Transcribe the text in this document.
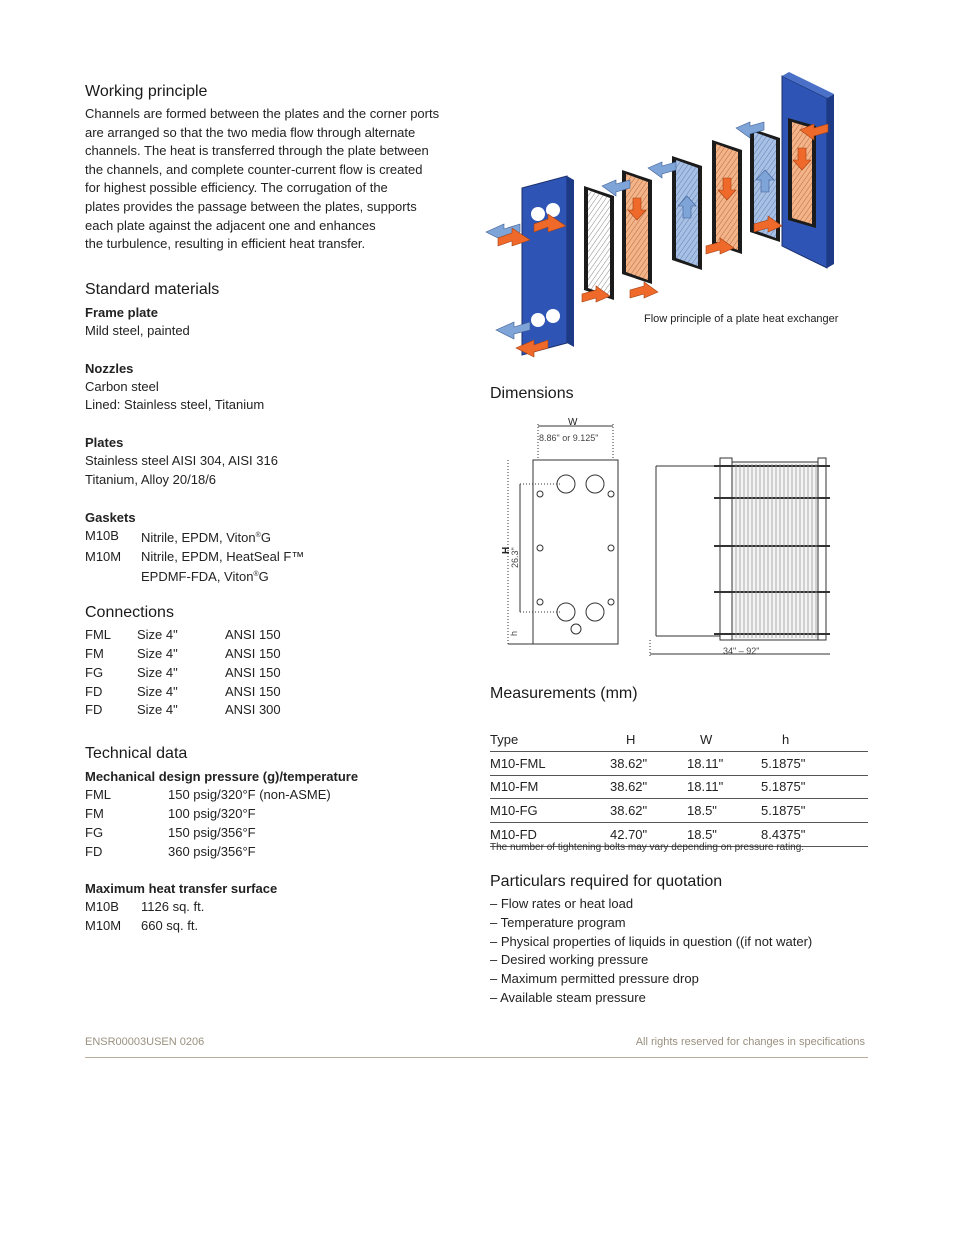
Working principle

Channels are formed between the plates and the corner ports

are arranged so that the two media flow through alternate

channels. The heat is transferred through the plate between

the channels, and complete counter-current flow is created

for highest possible efficiency. The corrugation of the

plates provides the passage between the plates, supports

each plate against the adjacent one and enhances

the turbulence, resulting in efficient heat transfer.

Standard materials

Frame plate

Mild steel, painted

Nozzles

Carbon steel

Lined: Stainless steel, Titanium

Plates

Stainless steel AISI 304, AISI 316

Titanium, Alloy 20/18/6

Gaskets

M10B	Nitrile, EPDM, Viton®G
M10M	Nitrile, EPDM, HeatSeal F™
EPDMF-FDA, Viton®G
Connections
FML	Size 4"	ANSI 150
FM	Size 4"	ANSI 150
FG	Size 4"	ANSI 150
FD	Size 4"	ANSI 150
FD	Size 4"	ANSI 300
Technical data

Mechanical design pressure (g)/temperature

FML	150 psig/320°F (non-ASME)
FM	100 psig/320°F
FG	150 psig/356°F
FD	360 psig/356°F

Maximum heat transfer surface

M10B	1126 sq. ft.
M10M	660 sq. ft.
Flow principle of a plate heat exchanger
Dimensions
W
8.86" or 9.125"
H
26.3"
h
34" – 92"
Measurements (mm)
Type	H	W	h
M10-FML	38.62"	18.11"	5.1875"
M10-FM	38.62"	18.11"	5.1875"
M10-FG	38.62"	18.5"	5.1875"
M10-FD	42.70"	18.5"	8.4375"
The number of tightening bolts may vary depending on pressure rating.
Particulars required for quotation

– Flow rates or heat load

– Temperature program

– Physical properties of liquids in question ((if not water)

– Desired working pressure

– Maximum permitted pressure drop

– Available steam pressure

ENSR00003USEN 0206	All rights reserved for changes in specifications
